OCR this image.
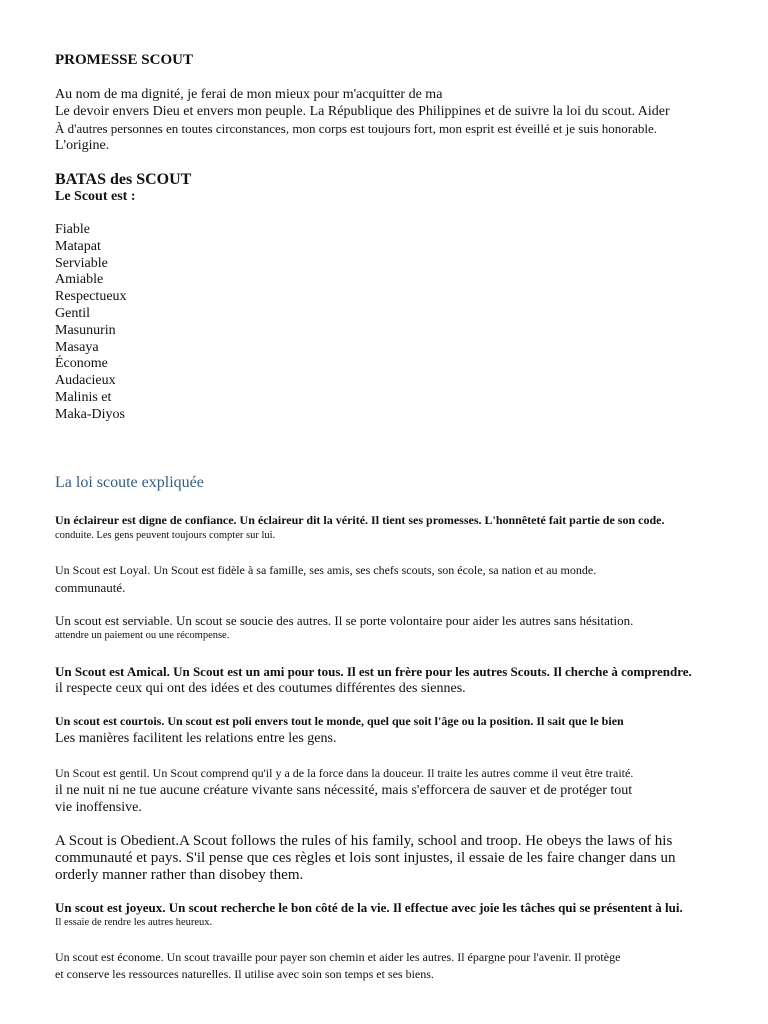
PROMESSE SCOUT
Au nom de ma dignité, je ferai de mon mieux pour m'acquitter de ma
Le devoir envers Dieu et envers mon peuple. La République des Philippines et de suivre la loi du scout. Aider
À d'autres personnes en toutes circonstances, mon corps est toujours fort, mon esprit est éveillé et je suis honorable.
L'origine.
BATAS des SCOUT
Le Scout est :
Fiable
Matapat
Serviable
Amiable
Respectueux
Gentil
Masunurin
Masaya
Économe
Audacieux
Malinis et
Maka-Diyos
La loi scoute expliquée
Un éclaireur est digne de confiance. Un éclaireur dit la vérité. Il tient ses promesses. L'honnêteté fait partie de son code.
conduite. Les gens peuvent toujours compter sur lui.
Un Scout est Loyal. Un Scout est fidèle à sa famille, ses amis, ses chefs scouts, son école, sa nation et au monde.
communauté.
Un scout est serviable. Un scout se soucie des autres. Il se porte volontaire pour aider les autres sans hésitation.
attendre un paiement ou une récompense.
Un Scout est Amical. Un Scout est un ami pour tous. Il est un frère pour les autres Scouts. Il cherche à comprendre.
il respecte ceux qui ont des idées et des coutumes différentes des siennes.
Un scout est courtois. Un scout est poli envers tout le monde, quel que soit l'âge ou la position. Il sait que le bien
Les manières facilitent les relations entre les gens.
Un Scout est gentil. Un Scout comprend qu'il y a de la force dans la douceur. Il traite les autres comme il veut être traité.
il ne nuit ni ne tue aucune créature vivante sans nécessité, mais s'efforcera de sauver et de protéger tout
vie inoffensive.
A Scout is Obedient.A Scout follows the rules of his family, school and troop. He obeys the laws of his
communauté et pays. S'il pense que ces règles et lois sont injustes, il essaie de les faire changer dans un
orderly manner rather than disobey them.
Un scout est joyeux. Un scout recherche le bon côté de la vie. Il effectue avec joie les tâches qui se présentent à lui.
Il essaie de rendre les autres heureux.
Un scout est économe. Un scout travaille pour payer son chemin et aider les autres. Il épargne pour l'avenir. Il protège
et conserve les ressources naturelles. Il utilise avec soin son temps et ses biens.
